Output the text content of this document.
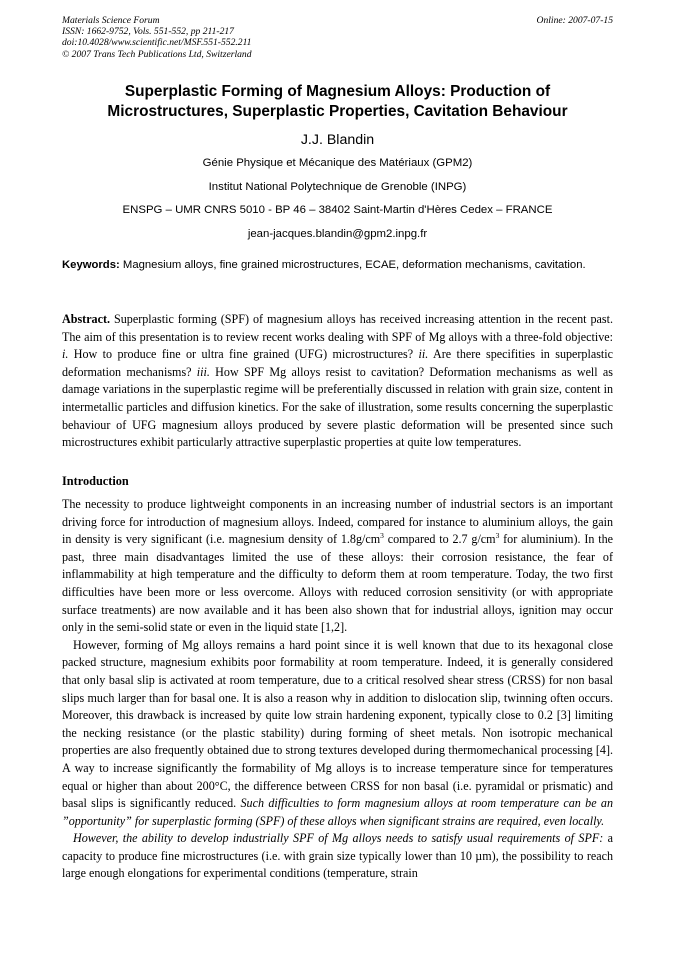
Materials Science Forum
ISSN: 1662-9752, Vols. 551-552, pp 211-217
doi:10.4028/www.scientific.net/MSF.551-552.211
© 2007 Trans Tech Publications Ltd, Switzerland
Online: 2007-07-15
Superplastic Forming of Magnesium Alloys: Production of
Microstructures, Superplastic Properties, Cavitation Behaviour
J.J. Blandin
Génie Physique et Mécanique des Matériaux (GPM2)
Institut National Polytechnique de Grenoble (INPG)
ENSPG – UMR CNRS 5010 - BP 46 – 38402 Saint-Martin d'Hères Cedex – FRANCE
jean-jacques.blandin@gpm2.inpg.fr
Keywords: Magnesium alloys, fine grained microstructures, ECAE, deformation mechanisms, cavitation.
Abstract. Superplastic forming (SPF) of magnesium alloys has received increasing attention in the recent past. The aim of this presentation is to review recent works dealing with SPF of Mg alloys with a three-fold objective: i. How to produce fine or ultra fine grained (UFG) microstructures? ii. Are there specifities in superplastic deformation mechanisms? iii. How SPF Mg alloys resist to cavitation? Deformation mechanisms as well as damage variations in the superplastic regime will be preferentially discussed in relation with grain size, content in intermetallic particles and diffusion kinetics. For the sake of illustration, some results concerning the superplastic behaviour of UFG magnesium alloys produced by severe plastic deformation will be presented since such microstructures exhibit particularly attractive superplastic properties at quite low temperatures.
Introduction

The necessity to produce lightweight components in an increasing number of industrial sectors is an important driving force for introduction of magnesium alloys. Indeed, compared for instance to aluminium alloys, the gain in density is very significant (i.e. magnesium density of $1.8g/cm^3$ compared to 2.7 $g/cm^3$ for aluminium). In the past, three main disadvantages limited the use of these alloys: their corrosion resistance, the fear of inflammability at high temperature and the difficulty to deform them at room temperature. Today, the two first difficulties have been more or less overcome. Alloys with reduced corrosion sensitivity (or with appropriate surface treatments) are now available and it has been also shown that for industrial alloys, ignition may occur only in the semi-solid state or even in the liquid state [1,2].

However, forming of Mg alloys remains a hard point since it is well known that due to its hexagonal close packed structure, magnesium exhibits poor formability at room temperature. Indeed, it is generally considered that only basal slip is activated at room temperature, due to a critical resolved shear stress (CRSS) for non basal slips much larger than for basal one. It is also a reason why in addition to dislocation slip, twinning often occurs. Moreover, this drawback is increased by quite low strain hardening exponent, typically close to 0.2 [3] limiting the necking resistance (or the plastic stability) during forming of sheet metals. Non isotropic mechanical properties are also frequently obtained due to strong textures developed during thermomechanical processing [4]. A way to increase significantly the formability of Mg alloys is to increase temperature since for temperatures equal or higher than about 200°C, the difference between CRSS for non basal (i.e. pyramidal or prismatic) and basal slips is significantly reduced. Such difficulties to form magnesium alloys at room temperature can be an ”opportunity” for superplastic forming (SPF) of these alloys when significant strains are required, even locally.

However, the ability to develop industrially SPF of Mg alloys needs to satisfy usual requirements of SPF: a capacity to produce fine microstructures (i.e. with grain size typically lower than 10 µm), the possibility to reach large enough elongations for experimental conditions (temperature, strain
